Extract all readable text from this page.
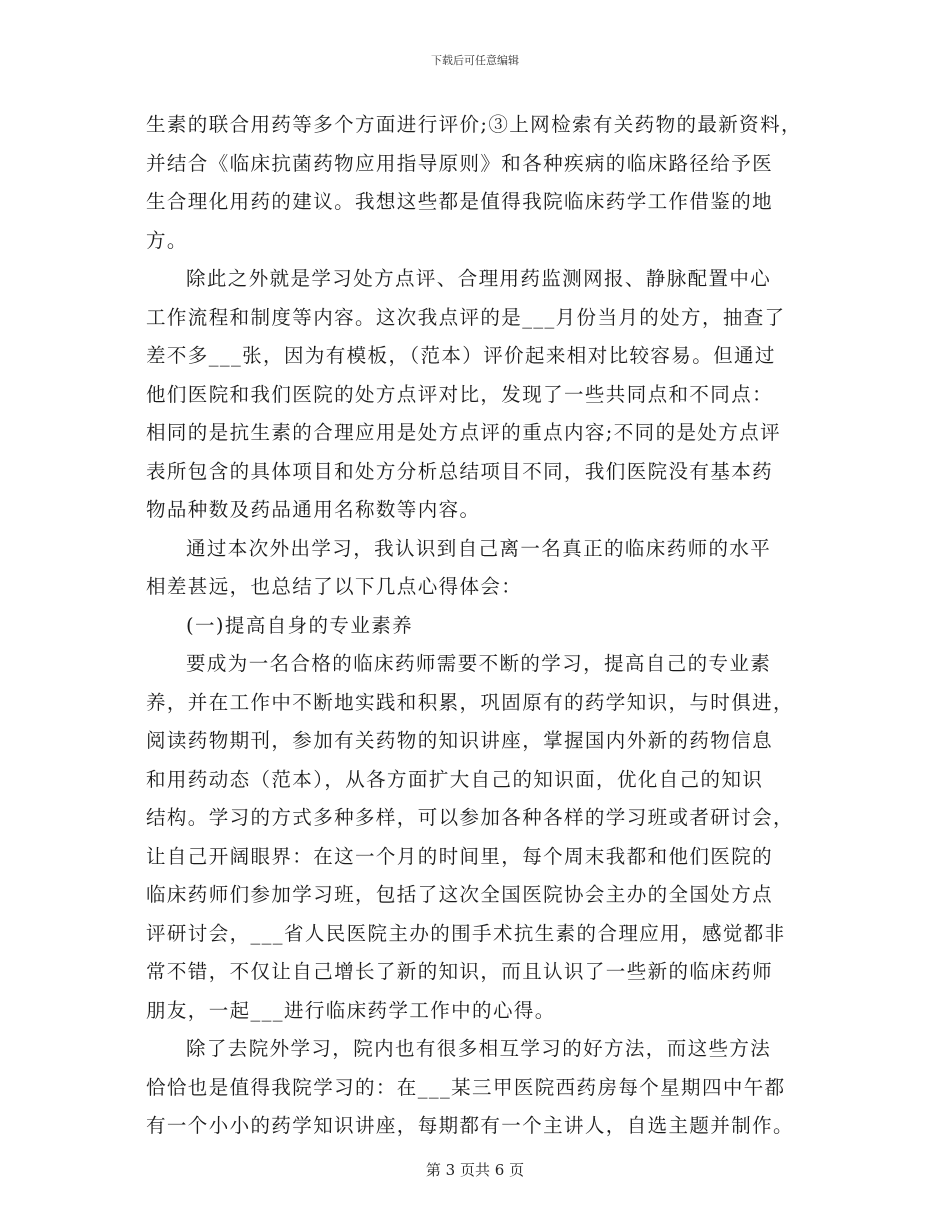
下载后可任意编辑
生素的联合用药等多个方面进行评价;③上网检索有关药物的最新资料，
并结合《临床抗菌药物应用指导原则》和各种疾病的临床路径给予医
生合理化用药的建议。我想这些都是值得我院临床药学工作借鉴的地
方。
除此之外就是学习处方点评、合理用药监测网报、静脉配置中心
工作流程和制度等内容。这次我点评的是___月份当月的处方，抽查了
差不多___张，因为有模板，（范本）评价起来相对比较容易。但通过
他们医院和我们医院的处方点评对比，发现了一些共同点和不同点：
相同的是抗生素的合理应用是处方点评的重点内容;不同的是处方点评
表所包含的具体项目和处方分析总结项目不同，我们医院没有基本药
物品种数及药品通用名称数等内容。
通过本次外出学习，我认识到自己离一名真正的临床药师的水平
相差甚远，也总结了以下几点心得体会：
(一)提高自身的专业素养
要成为一名合格的临床药师需要不断的学习，提高自己的专业素
养，并在工作中不断地实践和积累，巩固原有的药学知识，与时俱进，
阅读药物期刊，参加有关药物的知识讲座，掌握国内外新的药物信息
和用药动态（范本），从各方面扩大自己的知识面，优化自己的知识
结构。学习的方式多种多样，可以参加各种各样的学习班或者研讨会，
让自己开阔眼界：在这一个月的时间里，每个周末我都和他们医院的
临床药师们参加学习班，包括了这次全国医院协会主办的全国处方点
评研讨会，___省人民医院主办的围手术抗生素的合理应用，感觉都非
常不错，不仅让自己增长了新的知识，而且认识了一些新的临床药师
朋友，一起___进行临床药学工作中的心得。
除了去院外学习，院内也有很多相互学习的好方法，而这些方法
恰恰也是值得我院学习的：在___某三甲医院西药房每个星期四中午都
有一个小小的药学知识讲座，每期都有一个主讲人，自选主题并制作。
第 3 页共 6 页
